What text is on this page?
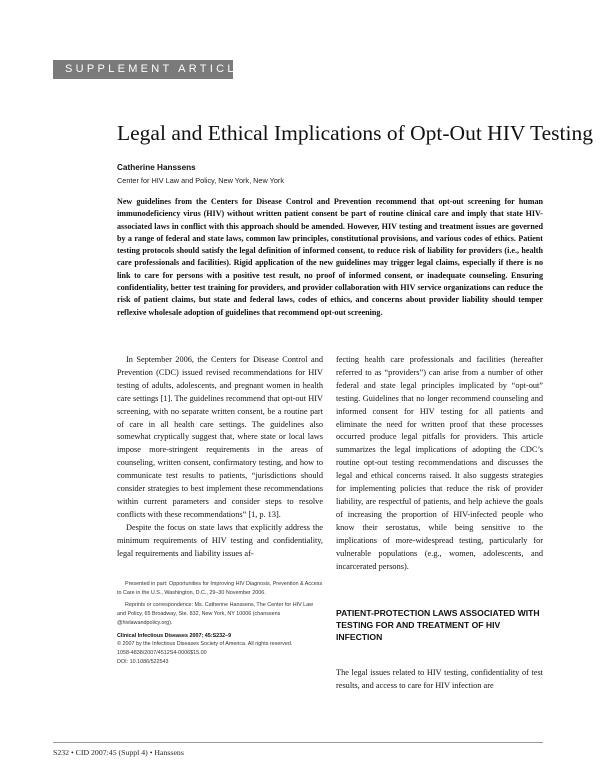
SUPPLEMENT ARTICLE
Legal and Ethical Implications of Opt-Out HIV Testing
Catherine Hanssens
Center for HIV Law and Policy, New York, New York

New guidelines from the Centers for Disease Control and Prevention recommend that opt-out screening for human immunodeficiency virus (HIV) without written patient consent be part of routine clinical care and imply that state HIV-associated laws in conflict with this approach should be amended. However, HIV testing and treatment issues are governed by a range of federal and state laws, common law principles, constitutional provisions, and various codes of ethics. Patient testing protocols should satisfy the legal definition of informed consent, to reduce risk of liability for providers (i.e., health care professionals and facilities). Rigid application of the new guidelines may trigger legal claims, especially if there is no link to care for persons with a positive test result, no proof of informed consent, or inadequate counseling. Ensuring confidentiality, better test training for providers, and provider collaboration with HIV service organizations can reduce the risk of patient claims, but state and federal laws, codes of ethics, and concerns about provider liability should temper reflexive wholesale adoption of guidelines that recommend opt-out screening.

In September 2006, the Centers for Disease Control and Prevention (CDC) issued revised recommendations for HIV testing of adults, adolescents, and pregnant women in health care settings [1]. The guidelines recommend that opt-out HIV screening, with no separate written consent, be a routine part of care in all health care settings. The guidelines also somewhat cryptically suggest that, where state or local laws impose more-stringent requirements in the areas of counseling, written consent, confirmatory testing, and how to communicate test results to patients, “jurisdictions should consider strategies to best implement these recommendations within current parameters and consider steps to resolve conflicts with these recommendations” [1, p. 13].

Despite the focus on state laws that explicitly address the minimum requirements of HIV testing and confidentiality, legal requirements and liability issues af-

fecting health care professionals and facilities (hereafter referred to as “providers”) can arise from a number of other federal and state legal principles implicated by “opt-out” testing. Guidelines that no longer recommend counseling and informed consent for HIV testing for all patients and eliminate the need for written proof that these processes occurred produce legal pitfalls for providers. This article summarizes the legal implications of adopting the CDC’s routine opt-out testing recommendations and discusses the legal and ethical concerns raised. It also suggests strategies for implementing policies that reduce the risk of provider liability, are respectful of patients, and help achieve the goals of increasing the proportion of HIV-infected people who know their serostatus, while being sensitive to the implications of more-widespread testing, particularly for vulnerable populations (e.g., women, adolescents, and incarcerated persons).

Presented in part: Opportunities for Improving HIV Diagnosis, Prevention & Access to Care in the U.S., Washington, D.C., 29–30 November 2006.

Reprints or correspondence: Ms. Catherine Hanssens, The Center for HIV Law and Policy, 65 Broadway, Ste. 832, New York, NY 10006 (chanssens @hivlawandpolicy.org).

Clinical Infectious Diseases 2007; 45:S232–9

© 2007 by the Infectious Diseases Society of America. All rights reserved.

1058-4838/2007/4512S4-0006$15.00

DOI: 10.1086/522543

PATIENT-PROTECTION LAWS ASSOCIATED WITH TESTING FOR AND TREATMENT OF HIV INFECTION

The legal issues related to HIV testing, confidentiality of test results, and access to care for HIV infection are

S232 • CID 2007:45 (Suppl 4) • Hanssens
